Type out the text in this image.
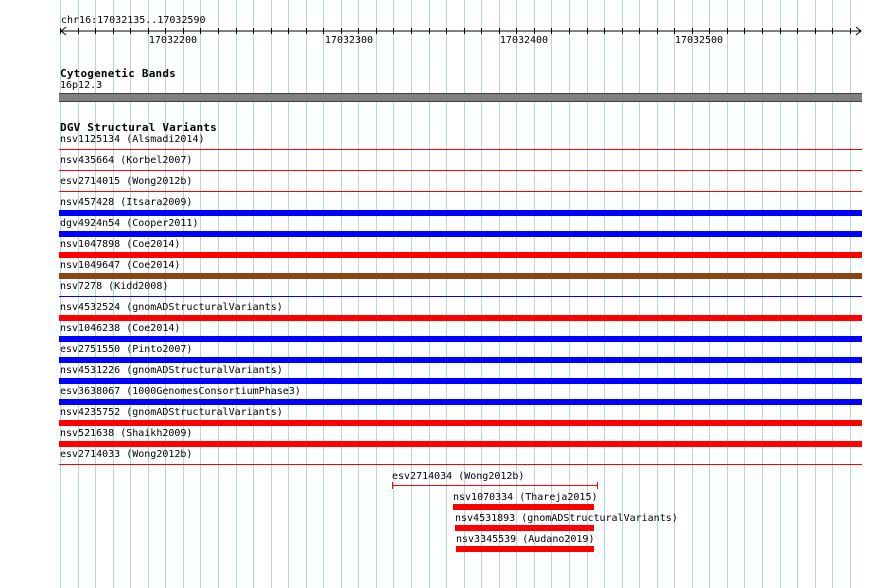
chr16:17032135..17032590
17032200	17032300	17032400	17032500
Cytogenetic Bands
16p12.3
DGV Structural Variants
nsv1125134 (Alsmadi2014)
nsv435664 (Korbel2007)
esv2714015 (Wong2012b)
nsv457428 (Itsara2009)
dgv4924n54 (Cooper2011)
nsv1047898 (Coe2014)
nsv1049647 (Coe2014)
nsv7278 (Kidd2008)
nsv4532524 (gnomADStructuralVariants)
nsv1046238 (Coe2014)
esv2751550 (Pinto2007)
nsv4531226 (gnomADStructuralVariants)
esv3638067 (1000GenomesConsortiumPhase3)
nsv4235752 (gnomADStructuralVariants)
nsv521638 (Shaikh2009)
esv2714033 (Wong2012b)
esv2714034 (Wong2012b)
nsv1070334 (Thareja2015)
nsv4531893 (gnomADStructuralVariants)
nsv3345539 (Audano2019)
